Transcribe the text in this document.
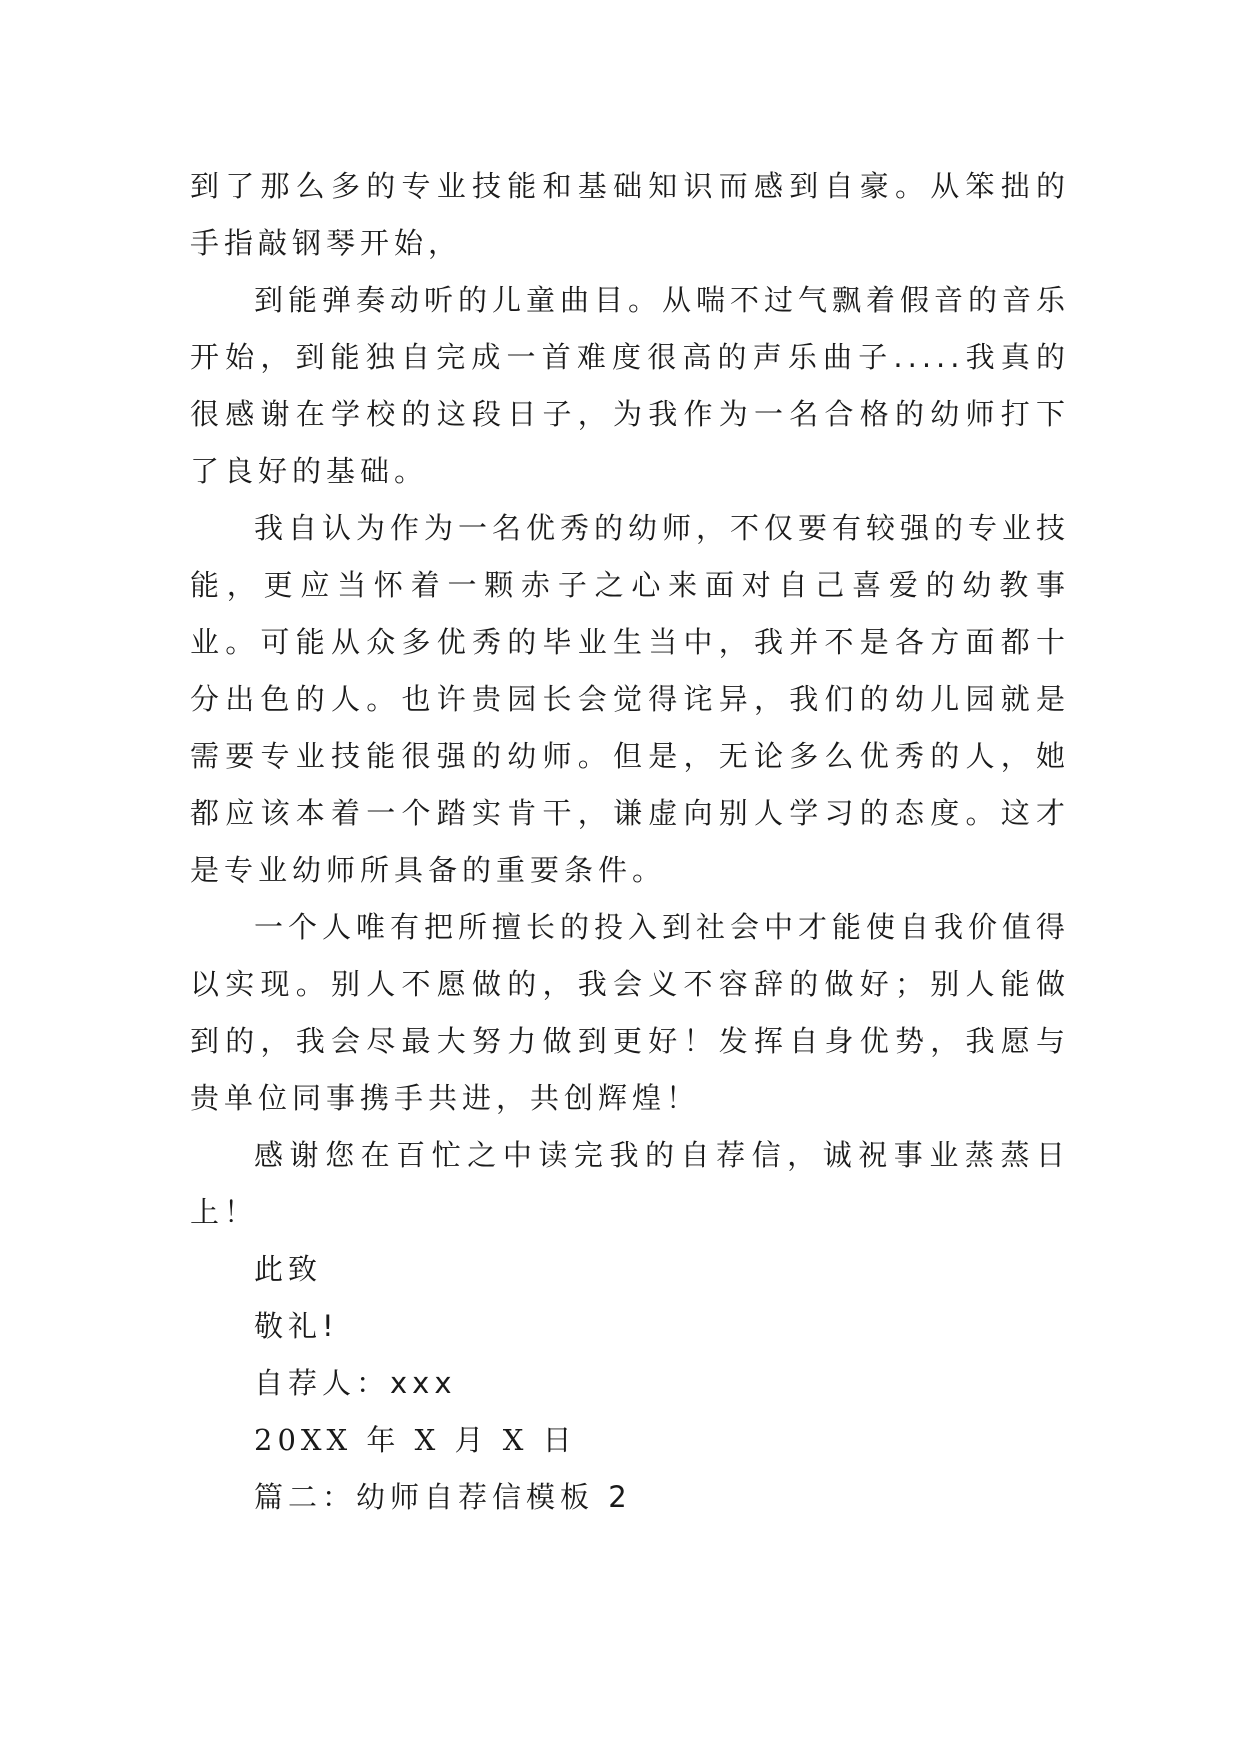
到了那么多的专业技能和基础知识而感到自豪。从笨拙的手指敲钢琴开始，

到能弹奏动听的儿童曲目。从喘不过气飘着假音的音乐开始，到能独自完成一首难度很高的声乐曲子.....我真的很感谢在学校的这段日子，为我作为一名合格的幼师打下了良好的基础。

我自认为作为一名优秀的幼师，不仅要有较强的专业技能，更应当怀着一颗赤子之心来面对自己喜爱的幼教事业。可能从众多优秀的毕业生当中，我并不是各方面都十分出色的人。也许贵园长会觉得诧异，我们的幼儿园就是需要专业技能很强的幼师。但是，无论多么优秀的人，她都应该本着一个踏实肯干，谦虚向别人学习的态度。这才是专业幼师所具备的重要条件。

一个人唯有把所擅长的投入到社会中才能使自我价值得以实现。别人不愿做的，我会义不容辞的做好；别人能做到的，我会尽最大努力做到更好！发挥自身优势，我愿与贵单位同事携手共进，共创辉煌！

感谢您在百忙之中读完我的自荐信，诚祝事业蒸蒸日上！

此致

敬礼!

自荐人：xxx

20XX 年 X 月 X 日

篇二：幼师自荐信模板 2
